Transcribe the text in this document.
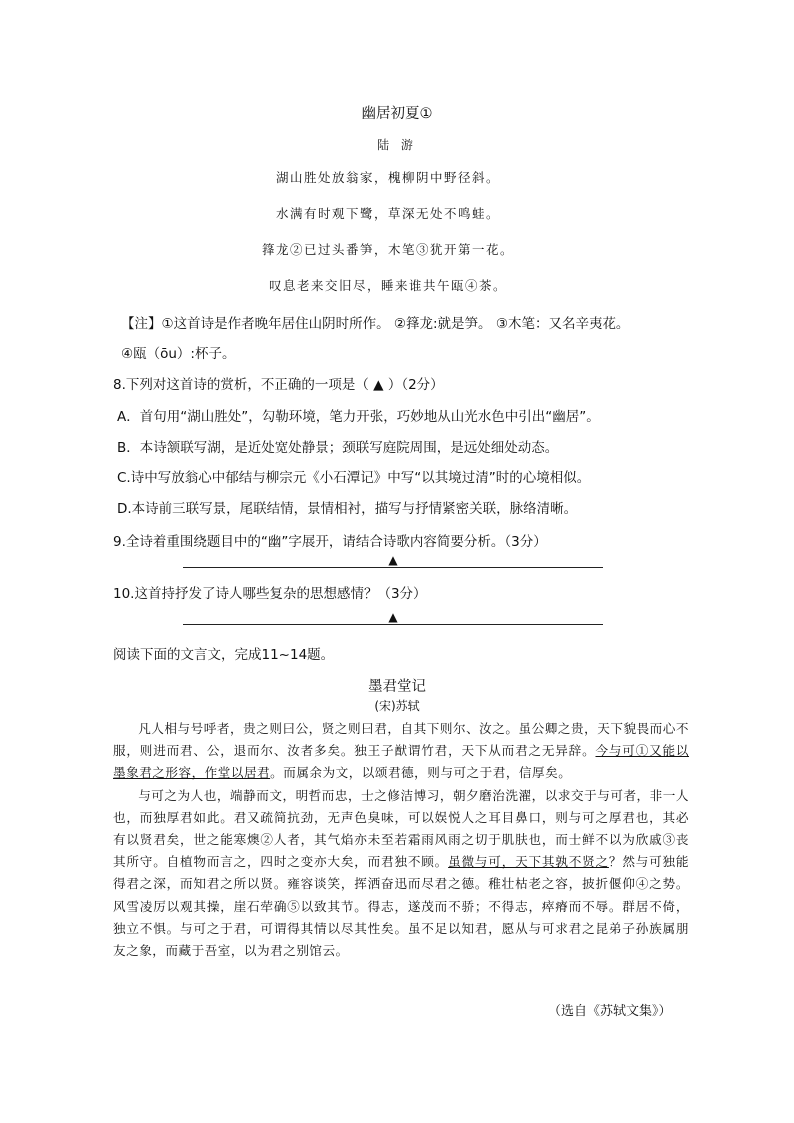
幽居初夏①
陆 游
湖山胜处放翁家，槐柳阴中野径斜。
水满有时观下鹭，草深无处不鸣蛙。
箨龙②已过头番笋，木笔③犹开第一花。
叹息老来交旧尽，睡来谁共午瓯④茶。
【注】①这首诗是作者晚年居住山阴时所作。 ②箨龙:就是笋。 ③木笔：又名辛夷花。
④瓯（ōu）:杯子。
8.下列对这首诗的赏析，不正确的一项是（ ▲ ）（2分）
A．首句用“湖山胜处”，勾勒环境，笔力开张，巧妙地从山光水色中引出“幽居”。
B．本诗颔联写湖，是近处宽处静景；颈联写庭院周围，是远处细处动态。
C.诗中写放翁心中郁结与柳宗元《小石潭记》中写“以其境过清”时的心境相似。
D.本诗前三联写景，尾联结情，景情相衬，描写与抒情紧密关联，脉络清晰。
9.全诗着重围绕题目中的“幽”字展开，请结合诗歌内容简要分析。（3分）
▲
10.这首持抒发了诗人哪些复杂的思想感情？（3分）
▲
阅读下面的文言文，完成11~14题。
墨君堂记
(宋)苏轼

凡人相与号呼者，贵之则曰公，贤之则曰君，自其下则尔、汝之。虽公卿之贵，天下貌畏而心不服，则进而君、公，退而尔、汝者多矣。独王子猷谓竹君，天下从而君之无异辞。今与可①又能以墨象君之形容，作堂以居君。而属余为文，以颂君德，则与可之于君，信厚矣。

与可之为人也，端静而文，明哲而忠，士之修洁博习，朝夕磨治洗濯，以求交于与可者，非一人也，而独厚君如此。君又疏简抗劲，无声色臭味，可以娱悦人之耳目鼻口，则与可之厚君也，其必有以贤君矣，世之能寒燠②人者，其气焰亦未至若霜雨风雨之切于肌肤也，而士鲜不以为欣戚③丧其所守。自植物而言之，四时之变亦大矣，而君独不顾。虽微与可，天下其孰不贤之？然与可独能得君之深，而知君之所以贤。雍容谈笑，挥洒奋迅而尽君之德。稚壮枯老之容，披折偃仰④之势。风雪凌厉以观其操，崖石荦确⑤以致其节。得志，遂茂而不骄；不得志，瘁瘠而不辱。群居不倚，独立不惧。与可之于君，可谓得其情以尽其性矣。虽不足以知君，愿从与可求君之昆弟子孙族属朋友之象，而藏于吾室，以为君之别馆云。

（选自《苏轼文集》）
